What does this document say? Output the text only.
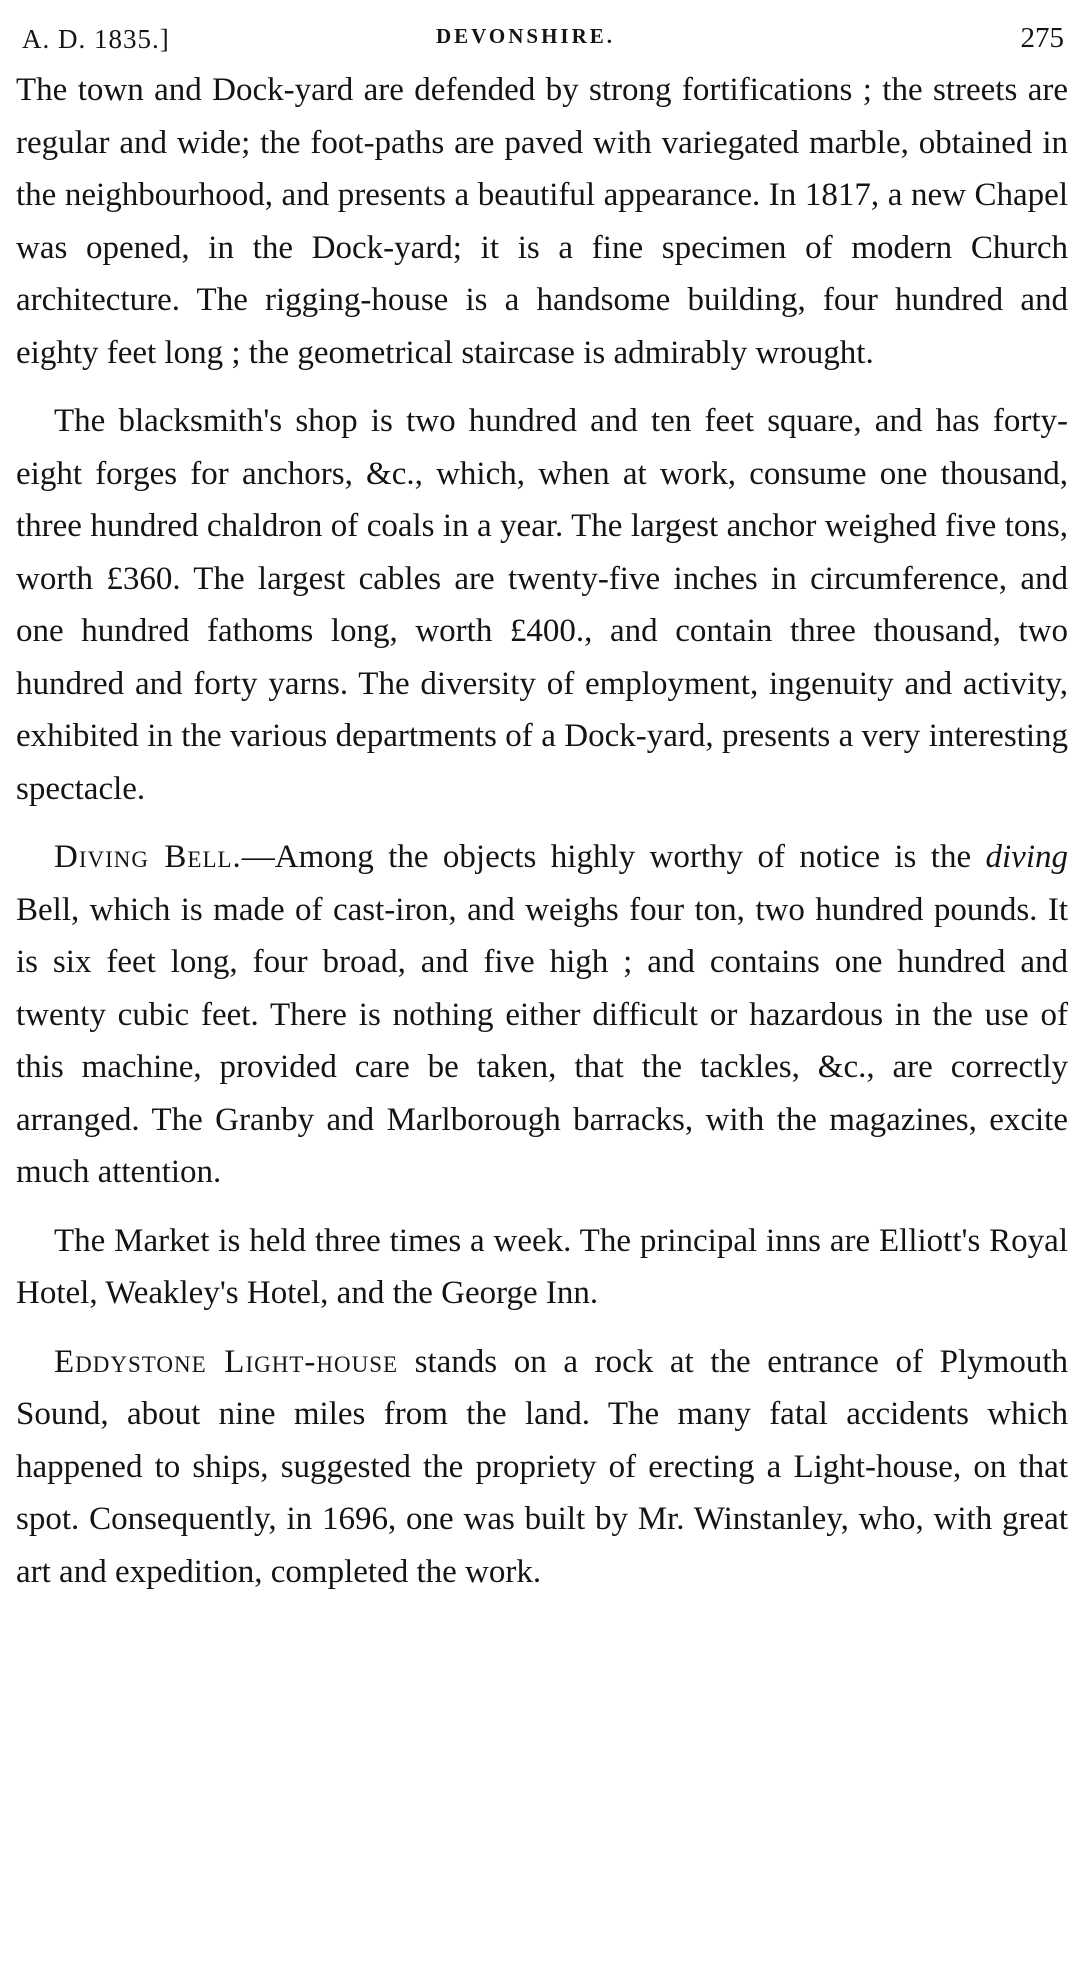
A. D. 1835.]	DEVONSHIRE.	275

The town and Dock-yard are defended by strong fortifications ; the streets are regular and wide; the foot-paths are paved with variegated marble, obtained in the neighbourhood, and presents a beautiful appearance. In 1817, a new Chapel was opened, in the Dock-yard; it is a fine specimen of modern Church architecture. The rigging-house is a handsome building, four hundred and eighty feet long ; the geometrical staircase is admirably wrought.

The blacksmith's shop is two hundred and ten feet square, and has forty-eight forges for anchors, &c., which, when at work, consume one thousand, three hundred chaldron of coals in a year. The largest anchor weighed five tons, worth £360. The largest cables are twenty-five inches in circumference, and one hundred fathoms long, worth £400., and contain three thousand, two hundred and forty yarns. The diversity of employment, ingenuity and activity, exhibited in the various departments of a Dock-yard, presents a very interesting spectacle.

Diving Bell.—Among the objects highly worthy of notice is the diving Bell, which is made of cast-iron, and weighs four ton, two hundred pounds. It is six feet long, four broad, and five high ; and contains one hundred and twenty cubic feet. There is nothing either difficult or hazardous in the use of this machine, provided care be taken, that the tackles, &c., are correctly arranged. The Granby and Marlborough barracks, with the magazines, excite much attention.

The Market is held three times a week. The principal inns are Elliott's Royal Hotel, Weakley's Hotel, and the George Inn.

Eddystone Light-house stands on a rock at the entrance of Plymouth Sound, about nine miles from the land. The many fatal accidents which happened to ships, suggested the propriety of erecting a Light-house, on that spot. Consequently, in 1696, one was built by Mr. Winstanley, who, with great art and expedition, completed the work.
